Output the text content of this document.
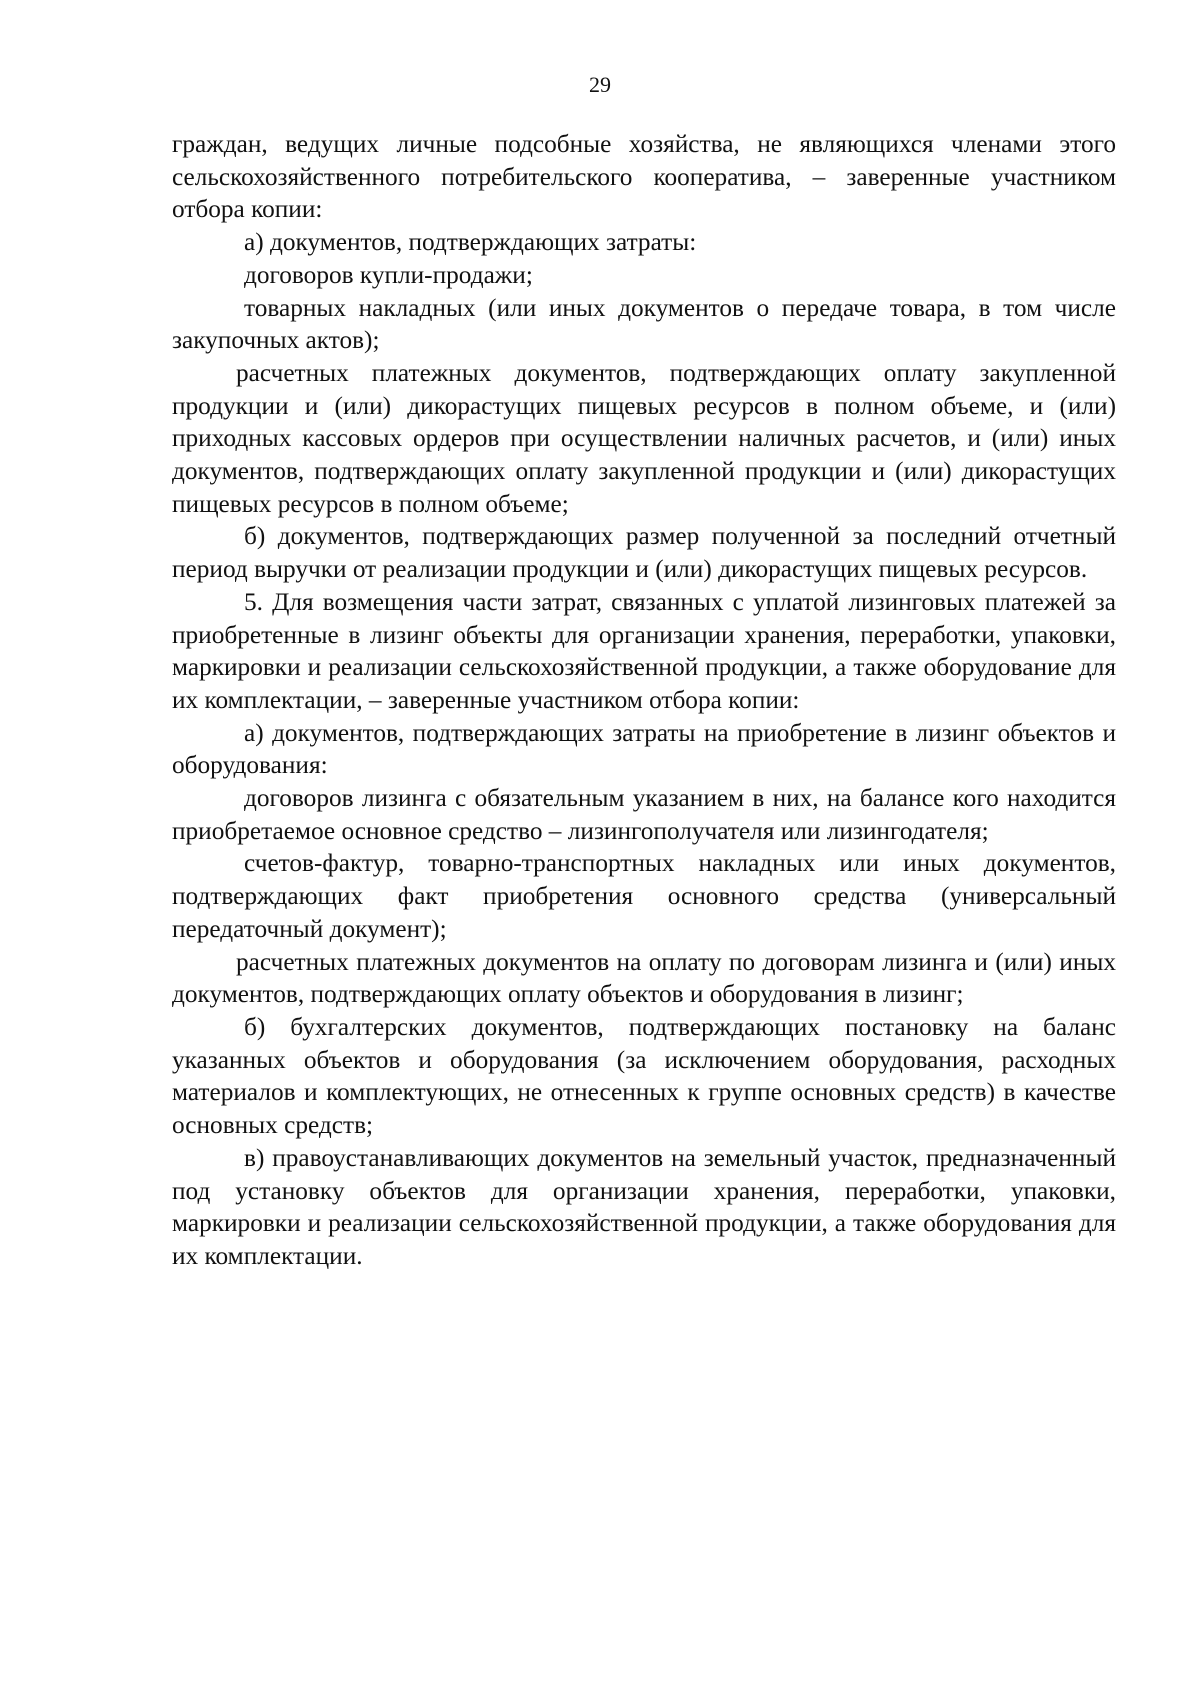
29

граждан, ведущих личные подсобные хозяйства, не являющихся членами этого сельскохозяйственного потребительского кооператива, – заверенные участником отбора копии:

а) документов, подтверждающих затраты:

договоров купли-продажи;

товарных накладных (или иных документов о передаче товара, в том числе закупочных актов);

расчетных платежных документов, подтверждающих оплату закупленной продукции и (или) дикорастущих пищевых ресурсов в полном объеме, и (или) приходных кассовых ордеров при осуществлении наличных расчетов, и (или) иных документов, подтверждающих оплату закупленной продукции и (или) дикорастущих пищевых ресурсов в полном объеме;

б) документов, подтверждающих размер полученной за последний отчетный период выручки от реализации продукции и (или) дикорастущих пищевых ресурсов.

5. Для возмещения части затрат, связанных с уплатой лизинговых платежей за приобретенные в лизинг объекты для организации хранения, переработки, упаковки, маркировки и реализации сельскохозяйственной продукции, а также оборудование для их комплектации, – заверенные участником отбора копии:

а) документов, подтверждающих затраты на приобретение в лизинг объектов и оборудования:

договоров лизинга с обязательным указанием в них, на балансе кого находится приобретаемое основное средство – лизингополучателя или лизингодателя;

счетов-фактур, товарно-транспортных накладных или иных документов, подтверждающих факт приобретения основного средства (универсальный передаточный документ);

расчетных платежных документов на оплату по договорам лизинга и (или) иных документов, подтверждающих оплату объектов и оборудования в лизинг;

б) бухгалтерских документов, подтверждающих постановку на баланс указанных объектов и оборудования (за исключением оборудования, расходных материалов и комплектующих, не отнесенных к группе основных средств) в качестве основных средств;

в) правоустанавливающих документов на земельный участок, предназначенный под установку объектов для организации хранения, переработки, упаковки, маркировки и реализации сельскохозяйственной продукции, а также оборудования для их комплектации.
